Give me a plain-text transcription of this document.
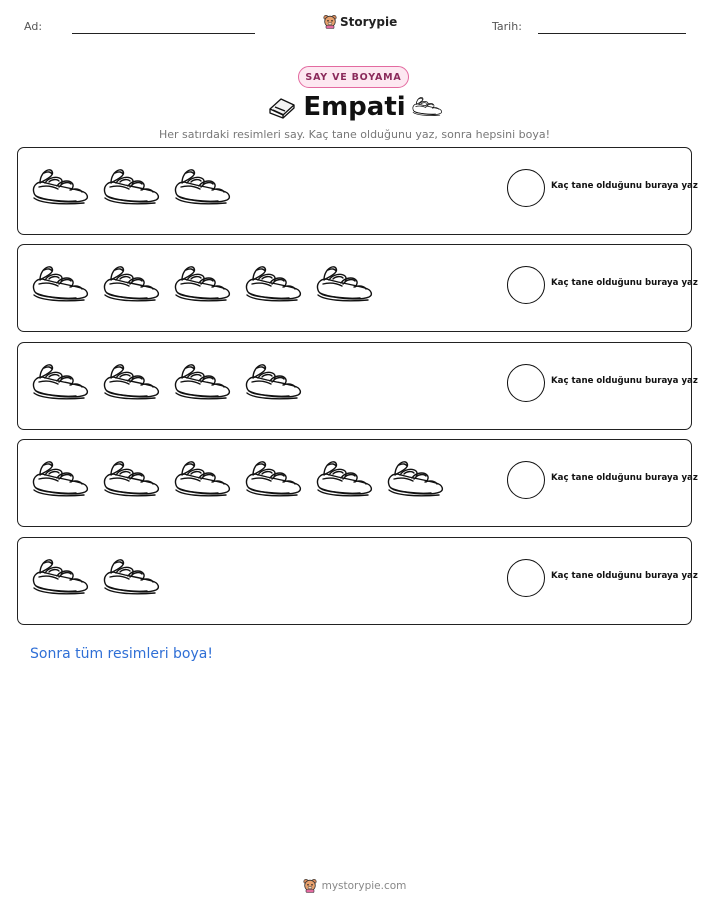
Ad:	Storypie	Tarih:
SAY VE BOYAMA
Empati
Her satırdaki resimleri say. Kaç tane olduğunu yaz, sonra hepsini boya!
Kaç tane olduğunu buraya yaz
Kaç tane olduğunu buraya yaz
Kaç tane olduğunu buraya yaz
Kaç tane olduğunu buraya yaz
Kaç tane olduğunu buraya yaz
Sonra tüm resimleri boya!
mystorypie.com
